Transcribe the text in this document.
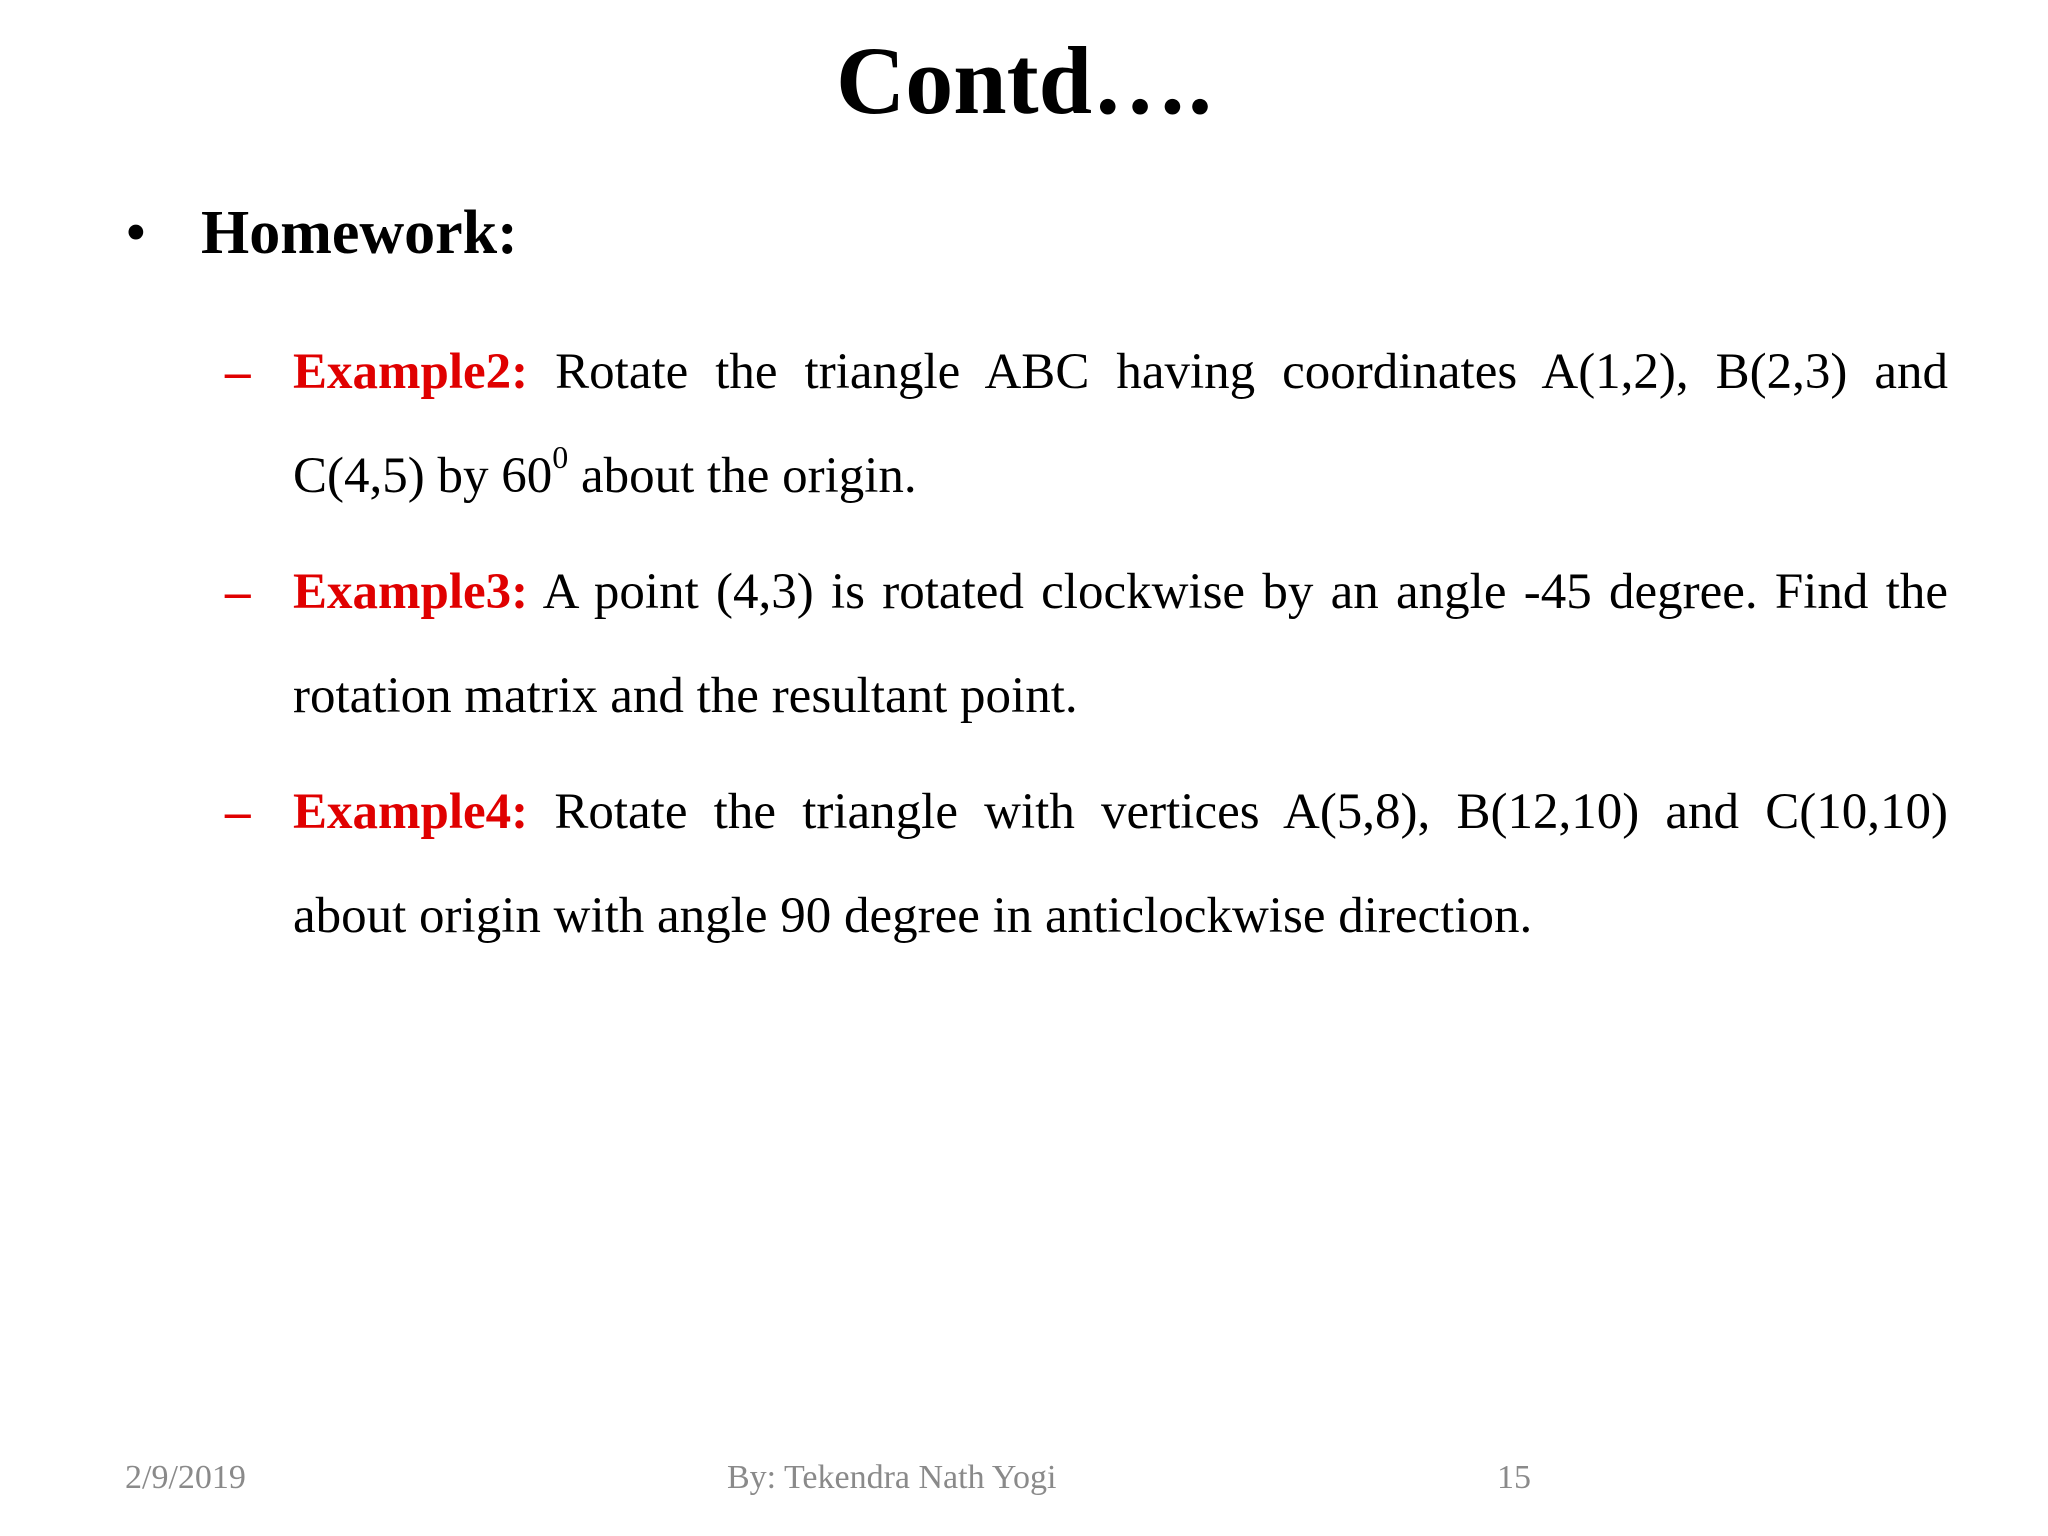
Contd….
• Homework:
– Example2: Rotate the triangle ABC having coordinates A(1,2), B(2,3) and C(4,5) by $60^0$ about the origin.
– Example3: A point (4,3) is rotated clockwise by an angle -45 degree. Find the rotation matrix and the resultant point.
– Example4: Rotate the triangle with vertices A(5,8), B(12,10) and C(10,10) about origin with angle 90 degree in anticlockwise direction.
2/9/2019	By: Tekendra Nath Yogi	15
